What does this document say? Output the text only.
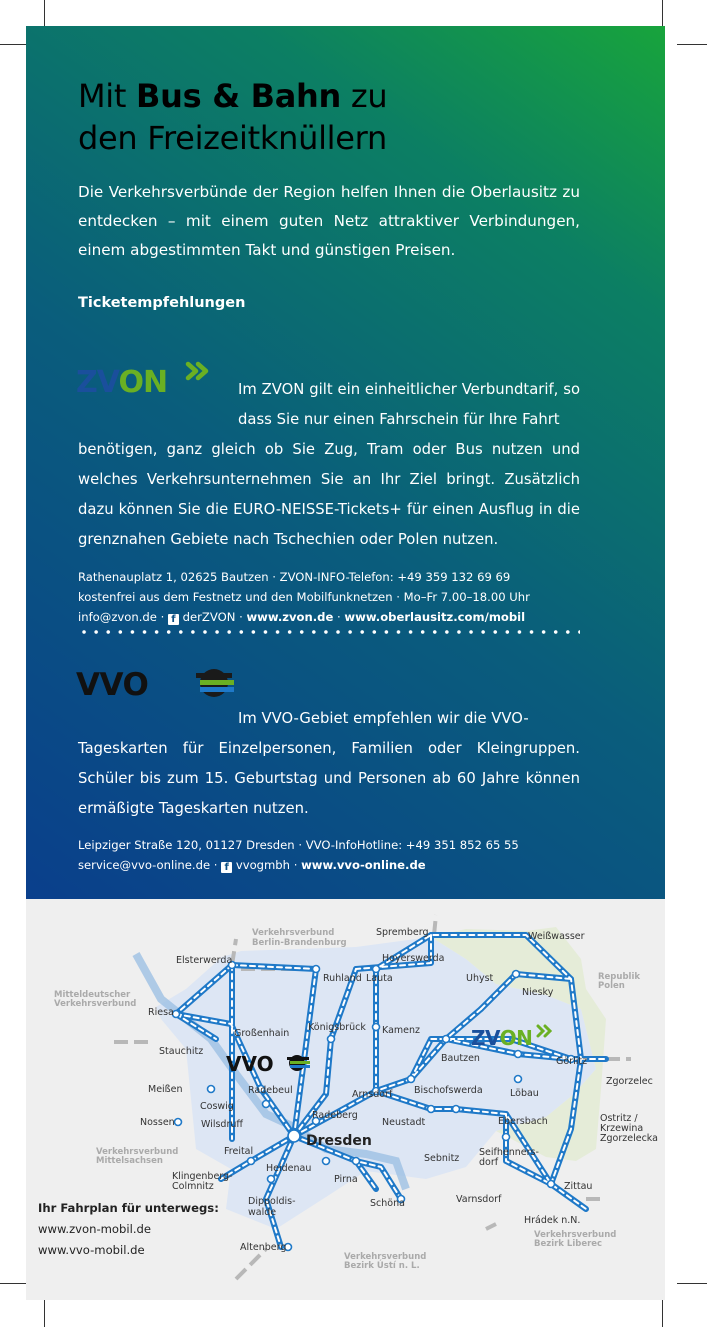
Mit Bus & Bahn zu
den Freizeitknüllern

Die Verkehrsverbünde der Region helfen Ihnen die Oberlausitz zu entdecken – mit einem guten Netz attraktiver Verbindungen, einem abgestimmten Takt und günstigen Preisen.

Ticketempfehlungen
ZVON	Im ZVON gilt ein einheitlicher Verbundtarif, so dass Sie nur einen Fahrschein für Ihre Fahrt
benötigen, ganz gleich ob Sie Zug, Tram oder Bus nutzen und welches Verkehrsunternehmen Sie an Ihr Ziel bringt. Zusätzlich dazu können Sie die EURO-NEISSE-Tickets+ für einen Ausflug in die grenznahen Gebiete nach Tschechien oder Polen nutzen.

Rathenauplatz 1, 02625 Bautzen · ZVON-INFO-Telefon: +49 359 132 69 69
kostenfrei aus dem Festnetz und den Mobilfunknetzen · Mo–Fr 7.00–18.00 Uhr
info@zvon.de · f derZVON · www.zvon.de · www.oberlausitz.com/mobil
VVO

Im VVO-Gebiet empfehlen wir die VVO-
Tageskarten für Einzelpersonen, Familien oder Kleingruppen. Schüler bis zum 15. Geburtstag und Personen ab 60 Jahre können ermäßigte Tageskarten nutzen.

Leipziger Straße 120, 01127 Dresden · VVO-InfoHotline: +49 351 852 65 55
service@vvo-online.de · f vvogmbh · www.vvo-online.de
Verkehrsverbund
Berlin-Brandenburg
Mitteldeutscher
Verkehrsverbund
Verkehrsverbund
Mittelsachsen
Republik
Polen
Verkehrsverbund
Bezirk Liberec
Verkehrsverbund
Bezirk Ústí n. L.
Spremberg	Weißwasser
Hoyerswerda
Elsterwerda
Ruhland Lauta	Uhyst
Niesky
Riesa
Großenhain
Königsbrück Kamenz
Stauchitz
Bautzen	Görlitz
Zgorzelec
Meißen	Radebeul	Arnsdorf Bischofswerda	Löbau
Coswig
Nossen	Wilsdruff
Radeberg
Neustadt	Ebersbach	Ostritz /
Krzewina
Zgorzelecka
Dresden
Freital
Sebnitz
Seifhenners-
dorf
Heidenau
Klingenberg-
Colmnitz
Pirna
Zittau
Dippoldis-
walde
Schöna	Varnsdorf
Hrádek n.N.
Altenberg
ZVON
VVO
Ihr Fahrplan für unterwegs:
www.zvon-mobil.de
www.vvo-mobil.de
